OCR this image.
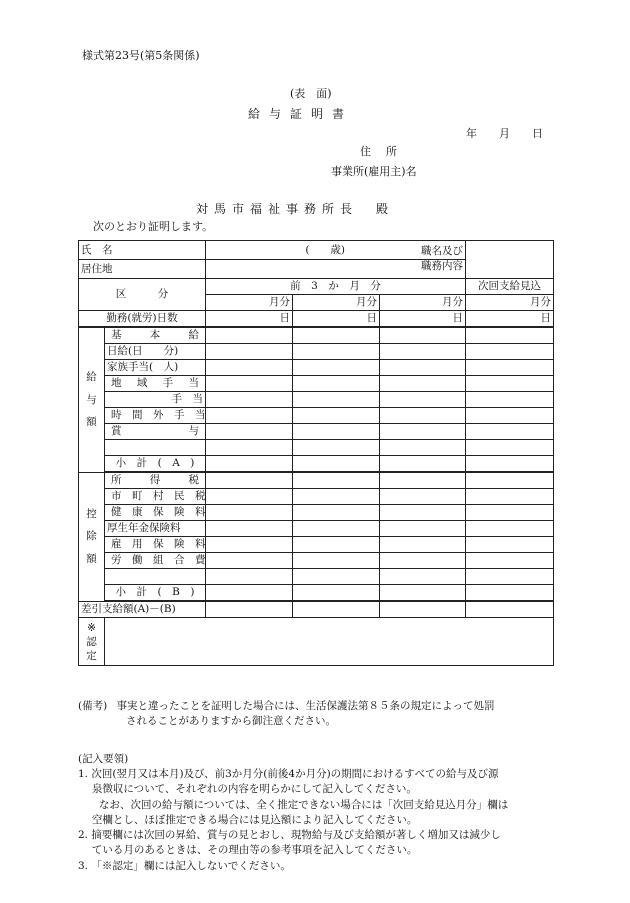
様式第23号(第5条関係)
(表　面)
給与証明書
年　　月　　日
住　所
事業所(雇用主)名
対馬市福祉事務所長　殿
次のとおり証明します。
氏　名		(　　歳) 職名及び
職務内容			

居住地					
区　　　分		前　3　か　月　分			次回支給見込
		月分	月分	月分	月分
勤務(就労)日数		日	日	日	日

給
与
額	基　本　給				
	日給(日　　分)				
	家族手当(　人)				
	地　域　手　当				
	　　　　手　当				
	時　間　外　手　当				
	賞　　　与				

	小　計　(　A　)				

控
除
額	所　得　税				
	市　町　村　民　税				
	健　康　保　険　料				
	厚生年金保険料				
	雇　用　保　険　料				
	労　働　組　合　費				

	小　計　(　B　)				
差引支給額(A)－(B)					

※
認
定					

(備考) 事実と違ったことを証明した場合には、生活保護法第８５条の規定によって処罰
されることがありますから御注意ください。
(記入要領)
1. 次回(翌月又は本月)及び、前3か月分(前後4か月分)の期間におけるすべての給与及び源
　 泉徴収について、それぞれの内容を明らかにして記入してください。
　　なお、次回の給与額については、全く推定できない場合には「次回支給見込月分」欄は
　 空欄とし、ほぼ推定できる場合には見込額により記入してください。
2. 摘要欄には次回の昇給、賞与の見とおし、現物給与及び支給額が著しく増加又は減少し
　 ている月のあるときは、その理由等の参考事項を記入してください。
3. 「※認定」欄には記入しないでください。
